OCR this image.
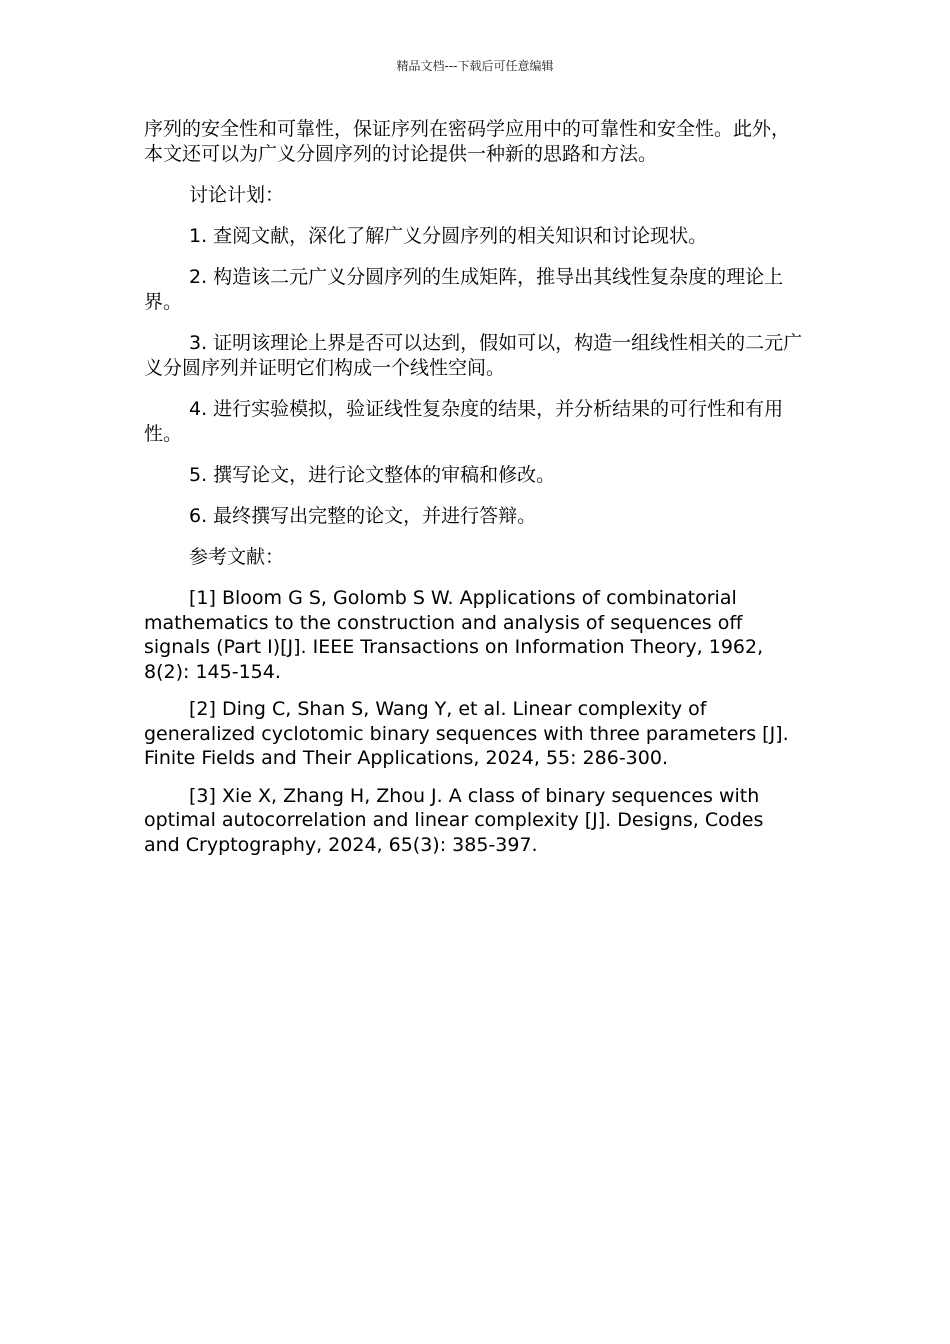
精品文档---下载后可任意编辑

序列的安全性和可靠性，保证序列在密码学应用中的可靠性和安全性。此外，本文还可以为广义分圆序列的讨论提供一种新的思路和方法。

讨论计划：

1. 查阅文献，深化了解广义分圆序列的相关知识和讨论现状。

2. 构造该二元广义分圆序列的生成矩阵，推导出其线性复杂度的理论上界。

3. 证明该理论上界是否可以达到，假如可以，构造一组线性相关的二元广义分圆序列并证明它们构成一个线性空间。

4. 进行实验模拟，验证线性复杂度的结果，并分析结果的可行性和有用性。

5. 撰写论文，进行论文整体的审稿和修改。

6. 最终撰写出完整的论文，并进行答辩。

参考文献：

[1] Bloom G S, Golomb S W. Applications of combinatorial mathematics to the construction and analysis of sequences off signals (Part I)[J]. IEEE Transactions on Information Theory, 1962, 8(2): 145-154.

[2] Ding C, Shan S, Wang Y, et al. Linear complexity of generalized cyclotomic binary sequences with three parameters [J]. Finite Fields and Their Applications, 2024, 55: 286-300.

[3] Xie X, Zhang H, Zhou J. A class of binary sequences with optimal autocorrelation and linear complexity [J]. Designs, Codes and Cryptography, 2024, 65(3): 385-397.
